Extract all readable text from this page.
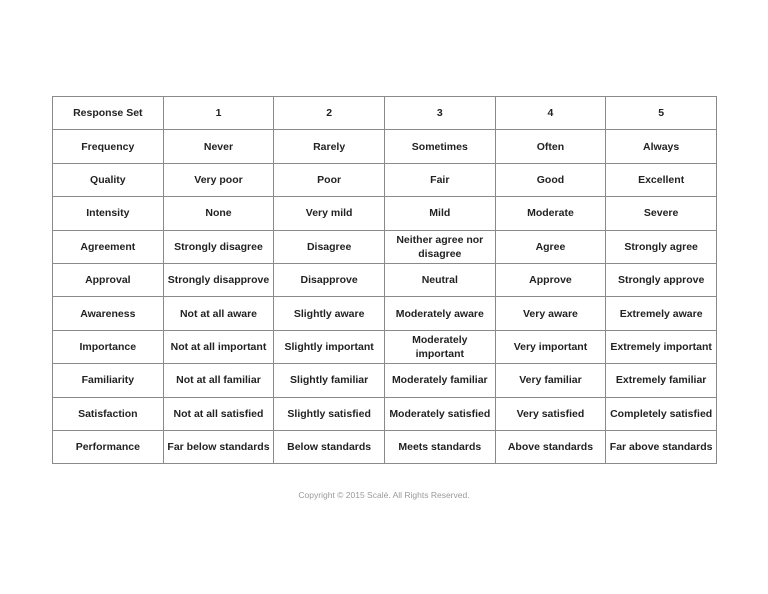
Response Set	1	2	3	4	5
Frequency	Never	Rarely	Sometimes	Often	Always
Quality	Very poor	Poor	Fair	Good	Excellent
Intensity	None	Very mild	Mild	Moderate	Severe
Agreement	Strongly disagree	Disagree	Neither agree nor disagree	Agree	Strongly agree
Approval	Strongly disapprove	Disapprove	Neutral	Approve	Strongly approve
Awareness	Not at all aware	Slightly aware	Moderately aware	Very aware	Extremely aware
Importance	Not at all important	Slightly important	Moderately important	Very important	Extremely important
Familiarity	Not at all familiar	Slightly familiar	Moderately familiar	Very familiar	Extremely familiar
Satisfaction	Not at all satisfied	Slightly satisfied	Moderately satisfied	Very satisfied	Completely satisfied
Performance	Far below standards	Below standards	Meets standards	Above standards	Far above standards
Copyright © 2015 Scalé. All Rights Reserved.
